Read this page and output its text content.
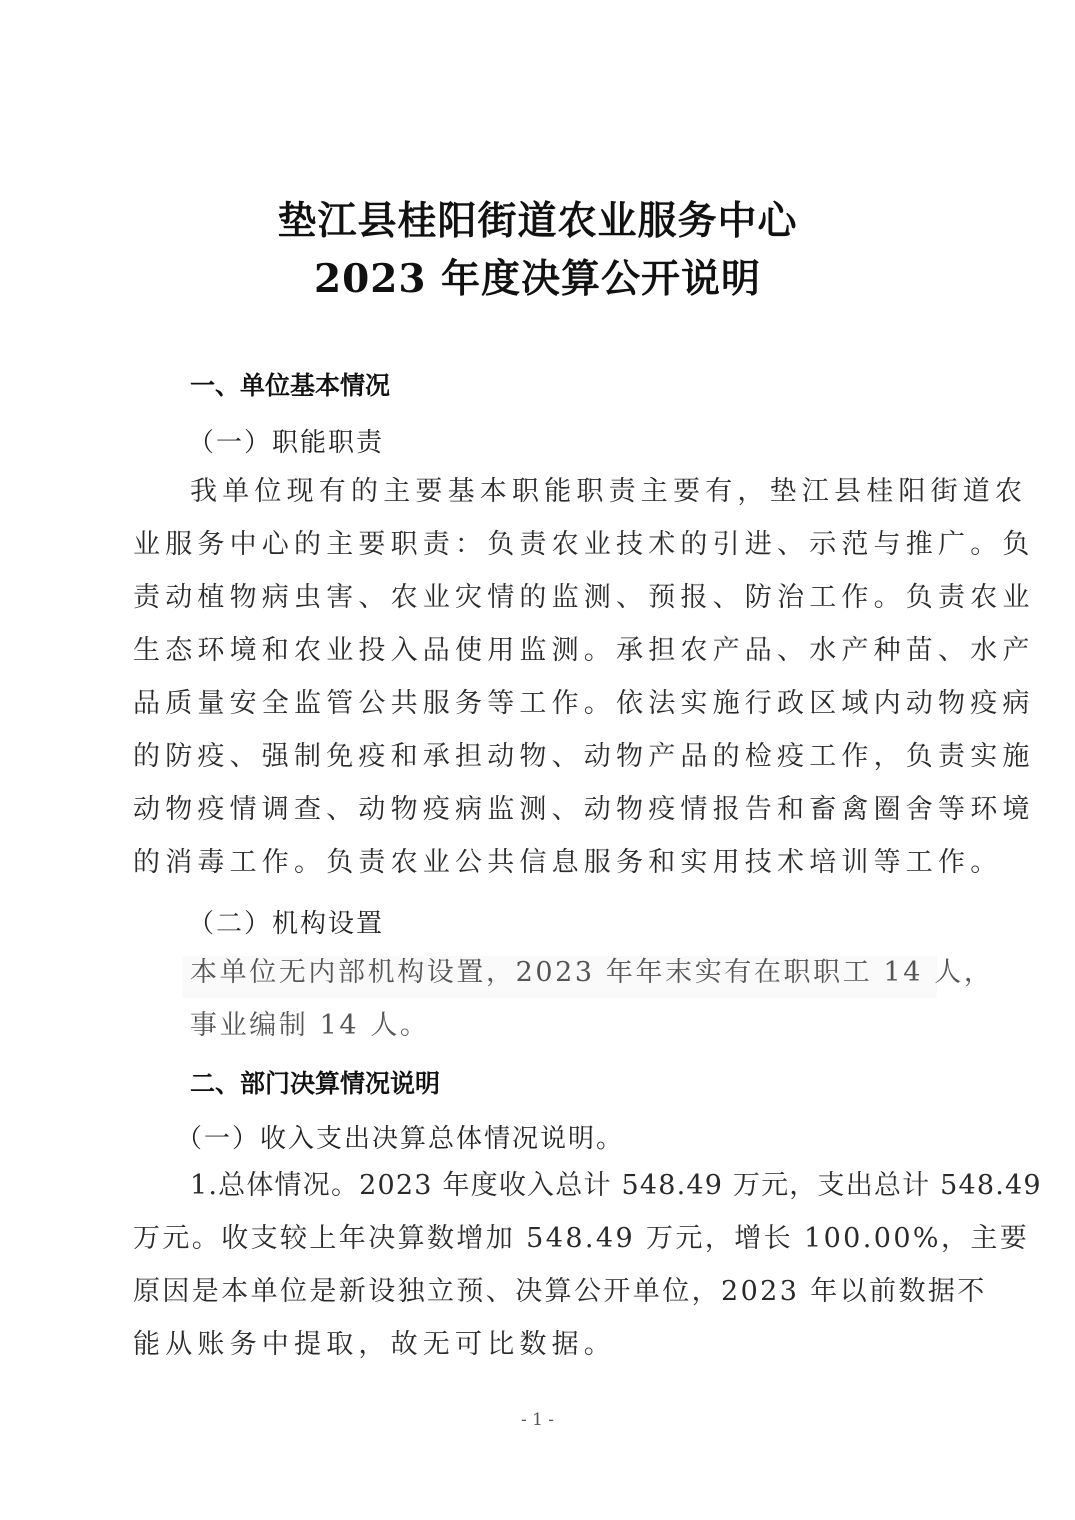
垫江县桂阳街道农业服务中心
2023 年度决算公开说明
一、单位基本情况
（一）职能职责
我单位现有的主要基本职能职责主要有，垫江县桂阳街道农
业服务中心的主要职责：负责农业技术的引进、示范与推广。负
责动植物病虫害、农业灾情的监测、预报、防治工作。负责农业
生态环境和农业投入品使用监测。承担农产品、水产种苗、水产
品质量安全监管公共服务等工作。依法实施行政区域内动物疫病
的防疫、强制免疫和承担动物、动物产品的检疫工作，负责实施
动物疫情调查、动物疫病监测、动物疫情报告和畜禽圈舍等环境
的消毒工作。负责农业公共信息服务和实用技术培训等工作。
（二）机构设置
本单位无内部机构设置，2023 年年末实有在职职工 14 人，
事业编制 14 人。
二、部门决算情况说明
（一）收入支出决算总体情况说明。
1.总体情况。2023 年度收入总计 548.49 万元，支出总计 548.49
万元。收支较上年决算数增加 548.49 万元，增长 100.00%，主要
原因是本单位是新设独立预、决算公开单位，2023 年以前数据不
能从账务中提取，故无可比数据。
- 1 -
